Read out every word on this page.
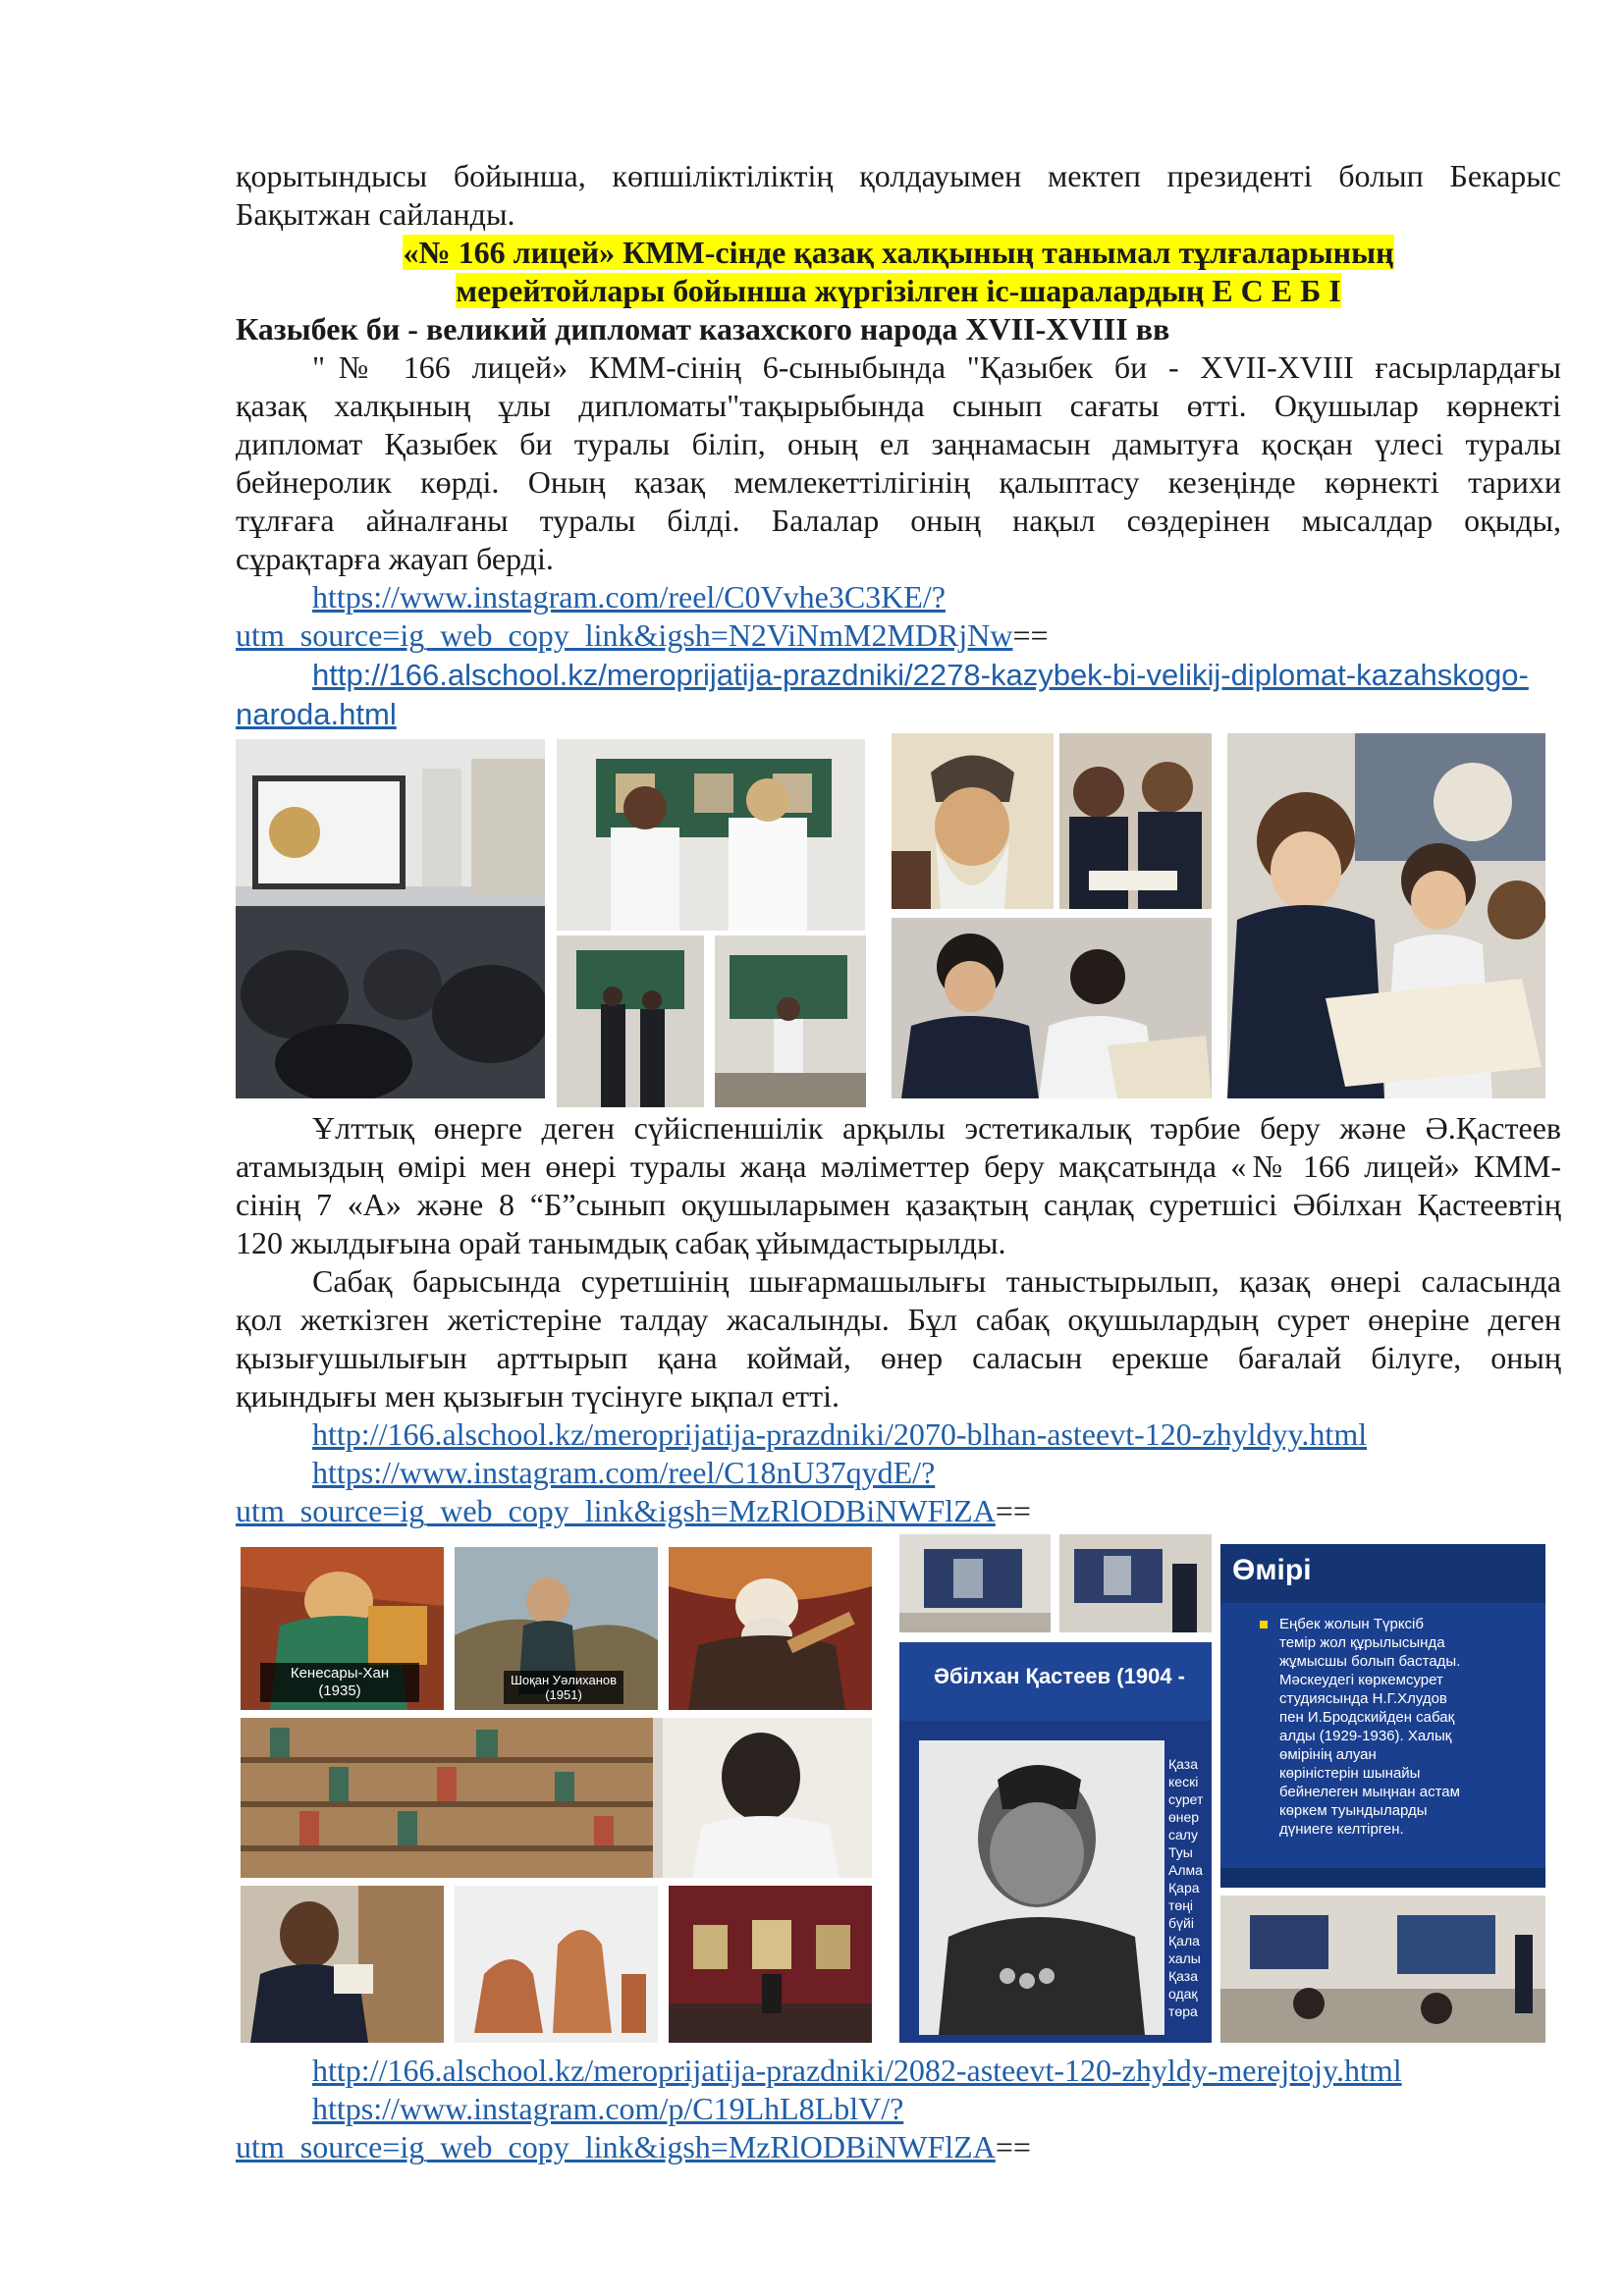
қорытындысы бойынша, көпшіліктіліктің қолдауымен мектеп президенті болып Бекарыс

Бақытжан сайланды.
«№ 166 лицей» КММ-сінде қазақ халқының танымал тұлғаларының
мерейтойлары бойынша жүргізілген іс-шаралардың Е С Е Б І
Казыбек би - великий дипломат казахского народа XVII-XVIII вв

"№ 166 лицей» КММ-сінің 6-сыныбында "Қазыбек би - XVII-XVIII ғасырлардағы

қазақ халқының ұлы дипломаты"тақырыбында сынып сағаты өтті. Оқушылар көрнекті

дипломат Қазыбек би туралы біліп, оның ел заңнамасын дамытуға қосқан үлесі туралы

бейнеролик көрді. Оның қазақ мемлекеттілігінің қалыптасу кезеңінде көрнекті тарихи

тұлғаға айналғаны туралы білді. Балалар оның нақыл сөздерінен мысалдар оқыды,

сұрақтарға жауап берді.
https://www.instagram.com/reel/C0Vvhe3C3KE/?
utm_source=ig_web_copy_link&igsh=N2ViNmM2MDRjNw==
http://166.alschool.kz/meroprijatija-prazdniki/2278-kazybek-bi-velikij-diplomat-kazahskogo-
naroda.html

Ұлттық өнерге деген сүйіспеншілік арқылы эстетикалық тәрбие беру және Ә.Қастеев

атамыздың өмірі мен өнері туралы жаңа мәліметтер беру мақсатында «№ 166 лицей» КММ-

сінің 7 «А» және 8 “Б”сынып оқушыларымен қазақтың саңлақ суретшісі Әбілхан Қастеевтің

120 жылдығына орай танымдық сабақ ұйымдастырылды.

Сабақ барысында суретшінің шығармашылығы таныстырылып, қазақ өнері саласында

қол жеткізген жетістеріне талдау жасалынды. Бұл сабақ оқушылардың сурет өнеріне деген

қызығушылығын арттырып қана коймай, өнер саласын ерекше бағалай білуге, оның

қиындығы мен қызығын түсінуге ықпал етті.
http://166.alschool.kz/meroprijatija-prazdniki/2070-blhan-asteevt-120-zhyldyy.html
https://www.instagram.com/reel/C18nU37qydE/?
utm_source=ig_web_copy_link&igsh=MzRlODBiNWFlZA==
Кенесары-Хан
(1935)
Шоқан Уәлиханов
(1951)
Өмірі
Еңбек жолын Түрксіб
темір жол құрылысында
жұмысшы болып бастады.
Мәскеудегі көркемсурет
студиясында Н.Г.Хлудов
пен И.Бродскийден сабақ
алды (1929-1936). Халық
өмірінің алуан
көріністерін шынайы
бейнелеген мыңнан астам
көркем туындыларды
дүниеге келтірген.
Әбілхан Қастеев (1904 -
Қаза
кескі
сурет
өнер
салу
Туы
Алма
Қара
төңі
бүйі
Қала
халы
Қаза
одақ
төра
http://166.alschool.kz/meroprijatija-prazdniki/2082-asteevt-120-zhyldy-merejtojy.html
https://www.instagram.com/p/C19LhL8LblV/?
utm_source=ig_web_copy_link&igsh=MzRlODBiNWFlZA==
